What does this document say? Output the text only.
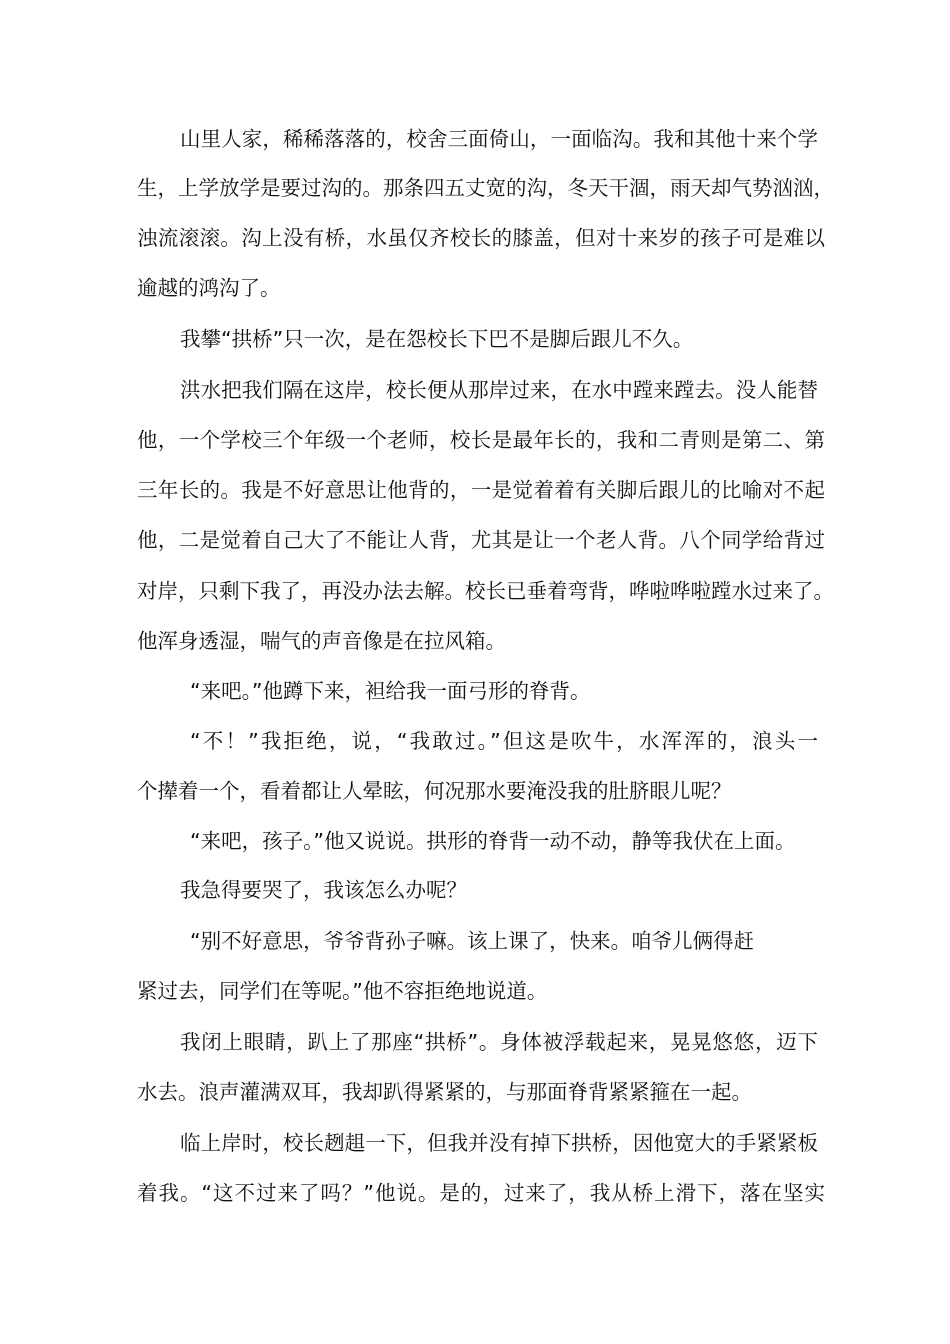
山里人家，稀稀落落的，校舍三面倚山，一面临沟。我和其他十来个学
生，上学放学是要过沟的。那条四五丈宽的沟，冬天干涸，雨天却气势汹汹，
浊流滚滚。沟上没有桥，水虽仅齐校长的膝盖，但对十来岁的孩子可是难以
逾越的鸿沟了。
我攀“拱桥”只一次，是在怨校长下巴不是脚后跟儿不久。
洪水把我们隔在这岸，校长便从那岸过来，在水中蹚来蹚去。没人能替
他，一个学校三个年级一个老师，校长是最年长的，我和二青则是第二、第
三年长的。我是不好意思让他背的，一是觉着着有关脚后跟儿的比喻对不起
他，二是觉着自己大了不能让人背，尤其是让一个老人背。八个同学给背过
对岸，只剩下我了，再没办法去解。校长已垂着弯背，哗啦哗啦蹚水过来了。
他浑身透湿，喘气的声音像是在拉风箱。
“来吧。”他蹲下来，袒给我一面弓形的脊背。
“不！”我拒绝，说，“我敢过。”但这是吹牛，水浑浑的，浪头一
个撵着一个，看着都让人晕眩，何况那水要淹没我的肚脐眼儿呢？
“来吧，孩子。”他又说说。拱形的脊背一动不动，静等我伏在上面。
我急得要哭了，我该怎么办呢？
“别不好意思，爷爷背孙子嘛。该上课了，快来。咱爷儿俩得赶
紧过去，同学们在等呢。”他不容拒绝地说道。
我闭上眼睛，趴上了那座“拱桥”。身体被浮载起来，晃晃悠悠，迈下
水去。浪声灌满双耳，我却趴得紧紧的，与那面脊背紧紧箍在一起。
临上岸时，校长趔趄一下，但我并没有掉下拱桥，因他宽大的手紧紧板
着我。“这不过来了吗？”他说。是的，过来了，我从桥上滑下，落在坚实
